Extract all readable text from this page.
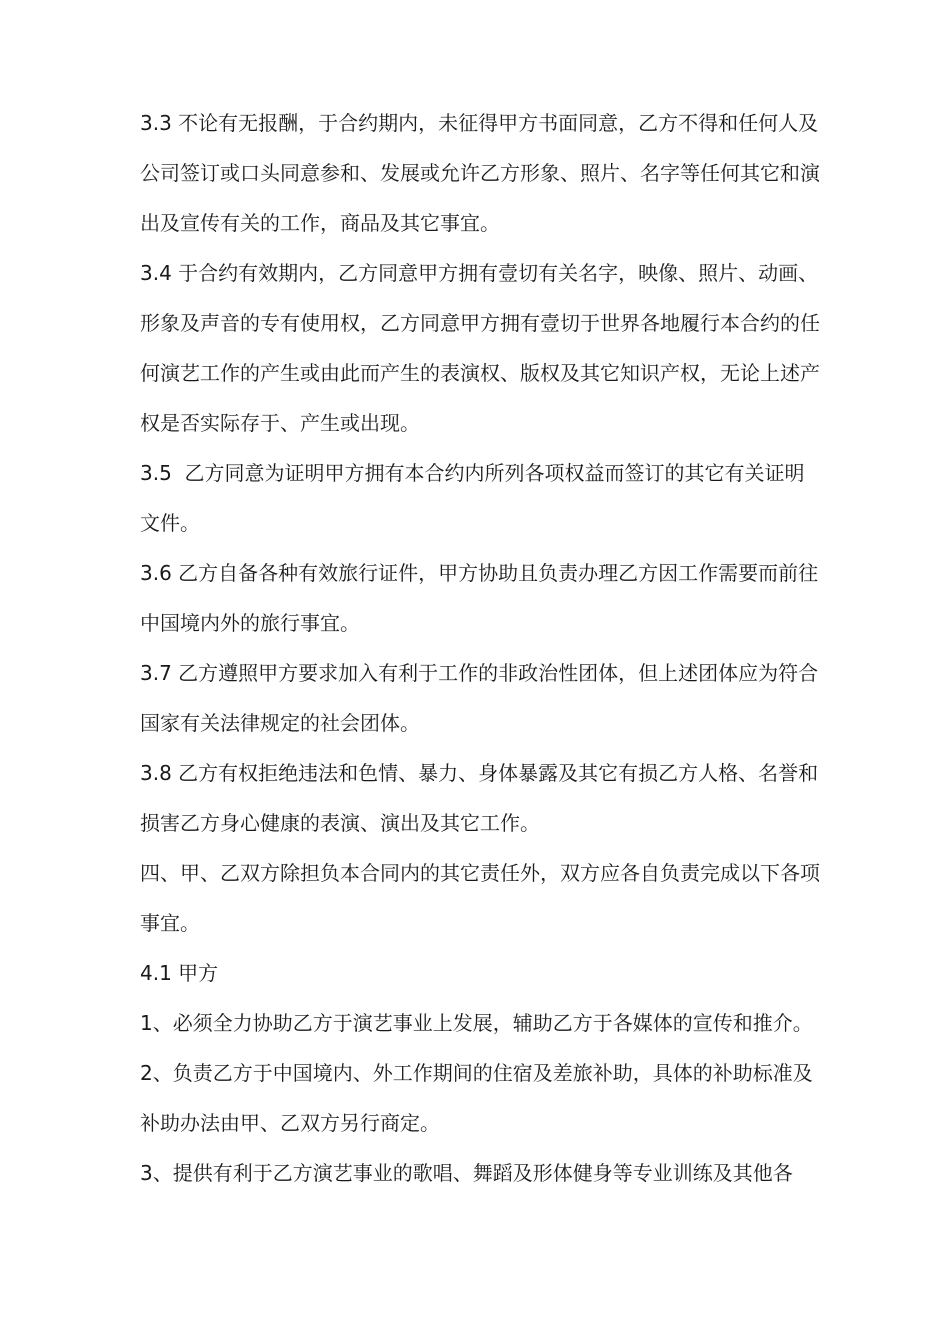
3.3 不论有无报酬，于合约期内，未征得甲方书面同意，乙方不得和任何人及公司签订或口头同意参和、发展或允许乙方形象、照片、名字等任何其它和演出及宣传有关的工作，商品及其它事宜。

3.4 于合约有效期内，乙方同意甲方拥有壹切有关名字，映像、照片、动画、形象及声音的专有使用权，乙方同意甲方拥有壹切于世界各地履行本合约的任何演艺工作的产生或由此而产生的表演权、版权及其它知识产权，无论上述产权是否实际存于、产生或出现。

3.5  乙方同意为证明甲方拥有本合约内所列各项权益而签订的其它有关证明文件。

3.6 乙方自备各种有效旅行证件，甲方协助且负责办理乙方因工作需要而前往中国境内外的旅行事宜。

3.7 乙方遵照甲方要求加入有利于工作的非政治性团体，但上述团体应为符合国家有关法律规定的社会团体。

3.8 乙方有权拒绝违法和色情、暴力、身体暴露及其它有损乙方人格、名誉和损害乙方身心健康的表演、演出及其它工作。

四、甲、乙双方除担负本合同内的其它责任外，双方应各自负责完成以下各项事宜。

4.1 甲方

1、必须全力协助乙方于演艺事业上发展，辅助乙方于各媒体的宣传和推介。

2、负责乙方于中国境内、外工作期间的住宿及差旅补助，具体的补助标准及补助办法由甲、乙双方另行商定。

3、提供有利于乙方演艺事业的歌唱、舞蹈及形体健身等专业训练及其他各
